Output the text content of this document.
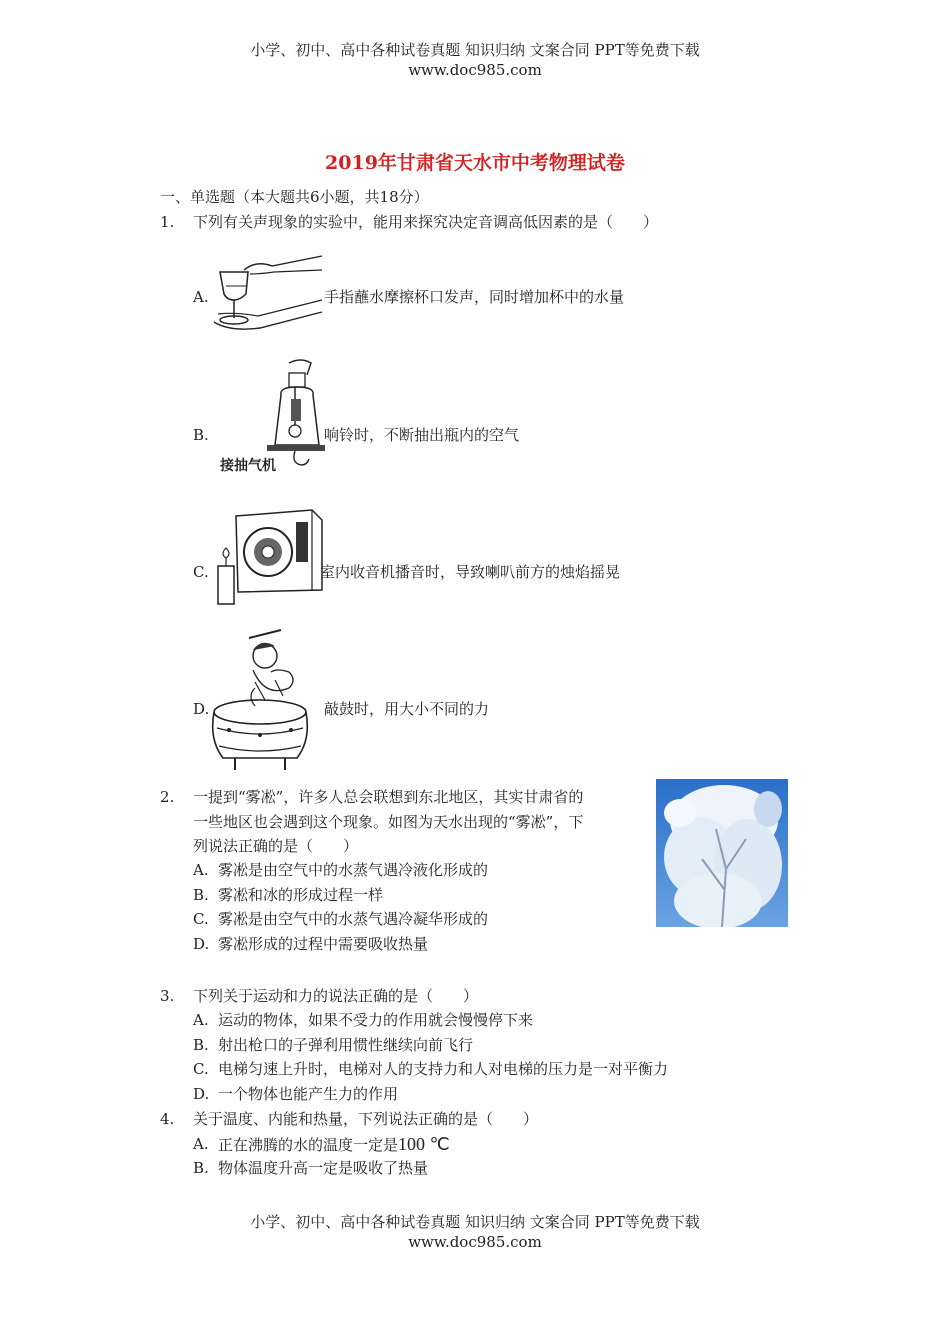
小学、初中、高中各种试卷真题 知识归纳 文案合同 PPT等免费下载
www.doc985.com
2019年甘肃省天水市中考物理试卷
一、单选题（本大题共6小题，共18分）
1. 下列有关声现象的实验中，能用来探究决定音调高低因素的是（　　）
A.	手指蘸水摩擦杯口发声，同时增加杯中的水量
B.
接抽气机
响铃时，不断抽出瓶内的空气
C.	室内收音机播音时，导致喇叭前方的烛焰摇晃
D.	敲鼓时，用大小不同的力
2. 一提到“雾凇”，许多人总会联想到东北地区，其实甘肃省的
一些地区也会遇到这个现象。如图为天水出现的“雾凇”，下
列说法正确的是（　　）
A. 雾凇是由空气中的水蒸气遇冷液化形成的
B. 雾凇和冰的形成过程一样
C. 雾凇是由空气中的水蒸气遇冷凝华形成的
D. 雾凇形成的过程中需要吸收热量
3. 下列关于运动和力的说法正确的是（　　）
A. 运动的物体，如果不受力的作用就会慢慢停下来
B. 射出枪口的子弹利用惯性继续向前飞行
C. 电梯匀速上升时，电梯对人的支持力和人对电梯的压力是一对平衡力
D. 一个物体也能产生力的作用
4. 关于温度、内能和热量，下列说法正确的是（　　）
A. 正在沸腾的水的温度一定是100 ℃
B. 物体温度升高一定是吸收了热量
小学、初中、高中各种试卷真题 知识归纳 文案合同 PPT等免费下载
www.doc985.com
